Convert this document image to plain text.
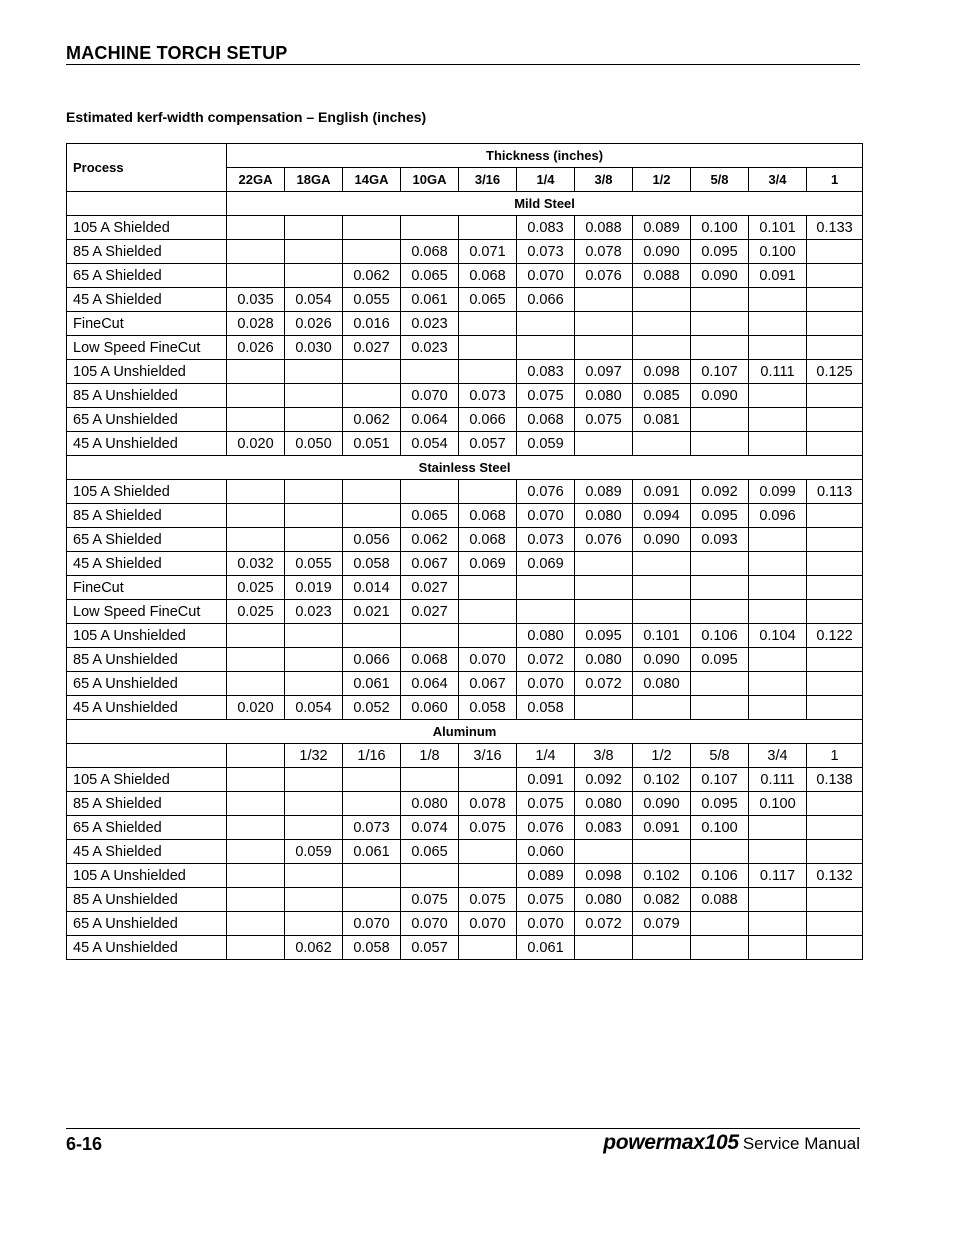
MACHINE TORCH SETUP
Estimated kerf-width compensation – English (inches)
Process	Thickness (inches)										
	22GA	18GA	14GA	10GA	3/16	1/4	3/8	1/2	5/8	3/4	1
	Mild Steel										
105 A Shielded						0.083	0.088	0.089	0.100	0.101	0.133
85 A Shielded				0.068	0.071	0.073	0.078	0.090	0.095	0.100	
65 A Shielded			0.062	0.065	0.068	0.070	0.076	0.088	0.090	0.091	
45 A Shielded	0.035	0.054	0.055	0.061	0.065	0.066					
FineCut	0.028	0.026	0.016	0.023							
Low Speed FineCut	0.026	0.030	0.027	0.023							
105 A Unshielded						0.083	0.097	0.098	0.107	0.111	0.125
85 A Unshielded				0.070	0.073	0.075	0.080	0.085	0.090		
65 A Unshielded			0.062	0.064	0.066	0.068	0.075	0.081			
45 A Unshielded	0.020	0.050	0.051	0.054	0.057	0.059					
Stainless Steel											
105 A Shielded						0.076	0.089	0.091	0.092	0.099	0.113
85 A Shielded				0.065	0.068	0.070	0.080	0.094	0.095	0.096	
65 A Shielded			0.056	0.062	0.068	0.073	0.076	0.090	0.093		
45 A Shielded	0.032	0.055	0.058	0.067	0.069	0.069					
FineCut	0.025	0.019	0.014	0.027							
Low Speed FineCut	0.025	0.023	0.021	0.027							
105 A Unshielded						0.080	0.095	0.101	0.106	0.104	0.122
85 A Unshielded			0.066	0.068	0.070	0.072	0.080	0.090	0.095		
65 A Unshielded			0.061	0.064	0.067	0.070	0.072	0.080			
45 A Unshielded	0.020	0.054	0.052	0.060	0.058	0.058					
Aluminum											
		1/32	1/16	1/8	3/16	1/4	3/8	1/2	5/8	3/4	1
105 A Shielded						0.091	0.092	0.102	0.107	0.111	0.138
85 A Shielded				0.080	0.078	0.075	0.080	0.090	0.095	0.100	
65 A Shielded			0.073	0.074	0.075	0.076	0.083	0.091	0.100		
45 A Shielded		0.059	0.061	0.065		0.060					
105 A Unshielded						0.089	0.098	0.102	0.106	0.117	0.132
85 A Unshielded				0.075	0.075	0.075	0.080	0.082	0.088		
65 A Unshielded			0.070	0.070	0.070	0.070	0.072	0.079			
45 A Unshielded		0.062	0.058	0.057		0.061					
6-16	powermax105 Service Manual
